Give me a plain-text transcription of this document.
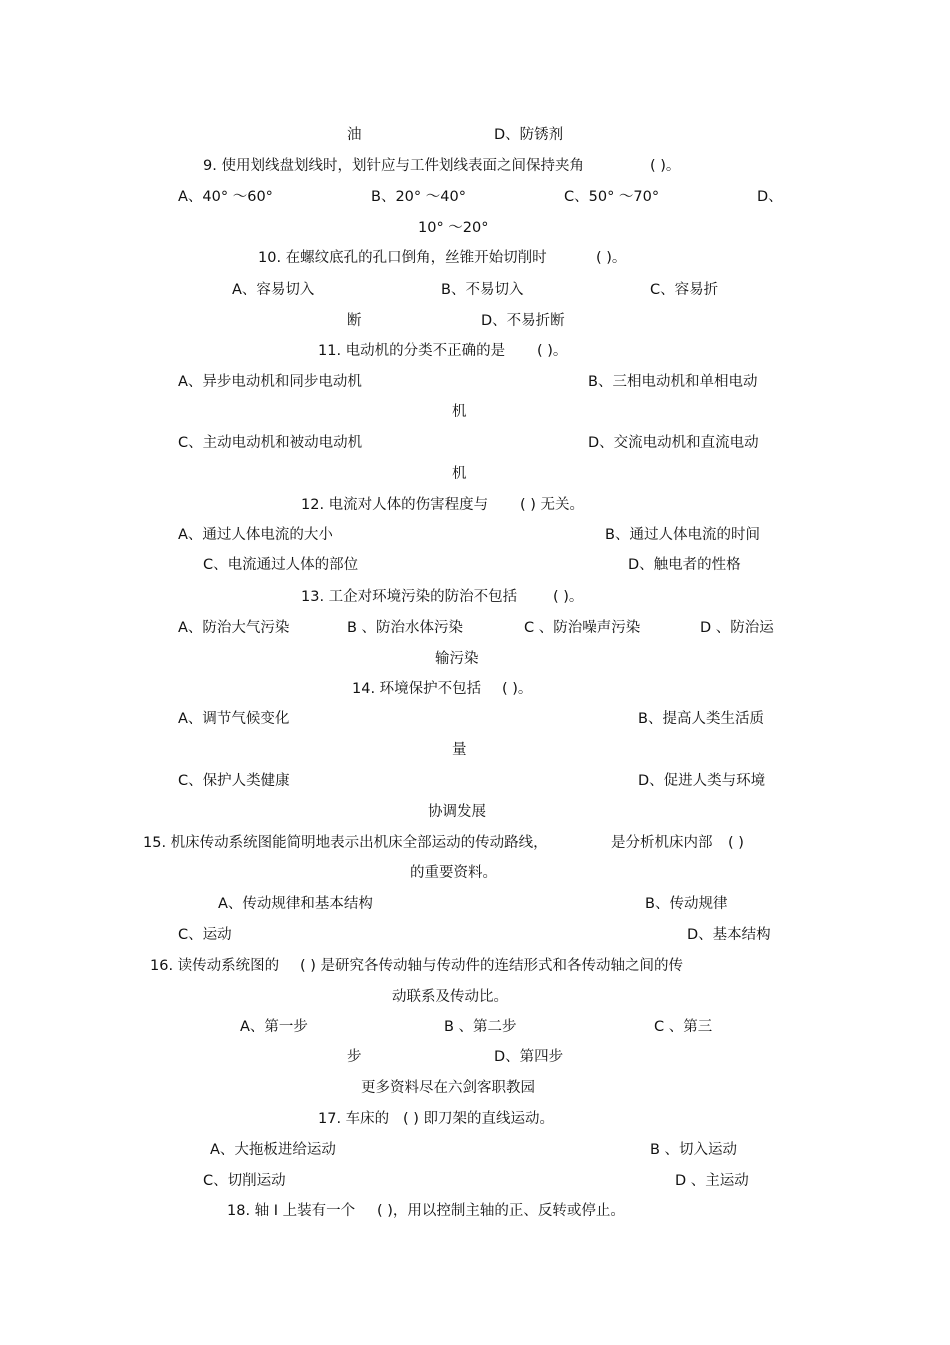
油	D、防锈剂
9. 使用划线盘划线时，划针应与工件划线表面之间保持夹角	( )。
A、40° ～60°	B、20° ～40°	C、50° ～70°	D、
10° ～20°
10. 在螺纹底孔的孔口倒角，丝锥开始切削时	( )。
A、容易切入	B、不易切入	C、容易折
断	D、不易折断
11. 电动机的分类不正确的是 ( )。
A、异步电动机和同步电动机	B、三相电动机和单相电动
机
C、主动电动机和被动电动机	D、交流电动机和直流电动
机
12. 电流对人体的伤害程度与 ( ) 无关。
A、通过人体电流的大小	B、通过人体电流的时间
C、电流通过人体的部位	D、触电者的性格
13. 工企对环境污染的防治不包括 ( )。
A、防治大气污染	B 、防治水体污染	C 、防治噪声污染	D 、防治运
输污染
14. 环境保护不包括 ( )。
A、调节气候变化	B、提高人类生活质
量
C、保护人类健康	D、促进人类与环境
协调发展
15. 机床传动系统图能简明地表示出机床全部运动的传动路线，	是分析机床内部 ( )
的重要资料。
A、传动规律和基本结构	B、传动规律
C、运动	D、基本结构
16. 读传动系统图的 ( ) 是研究各传动轴与传动件的连结形式和各传动轴之间的传
动联系及传动比。
A、第一步	B 、第二步	C 、第三
步	D、第四步
更多资料尽在六剑客职教园
17. 车床的 ( ) 即刀架的直线运动。
A、大拖板进给运动	B 、切入运动
C、切削运动	D 、主运动
18. 轴 I 上装有一个 ( )，用以控制主轴的正、反转或停止。
